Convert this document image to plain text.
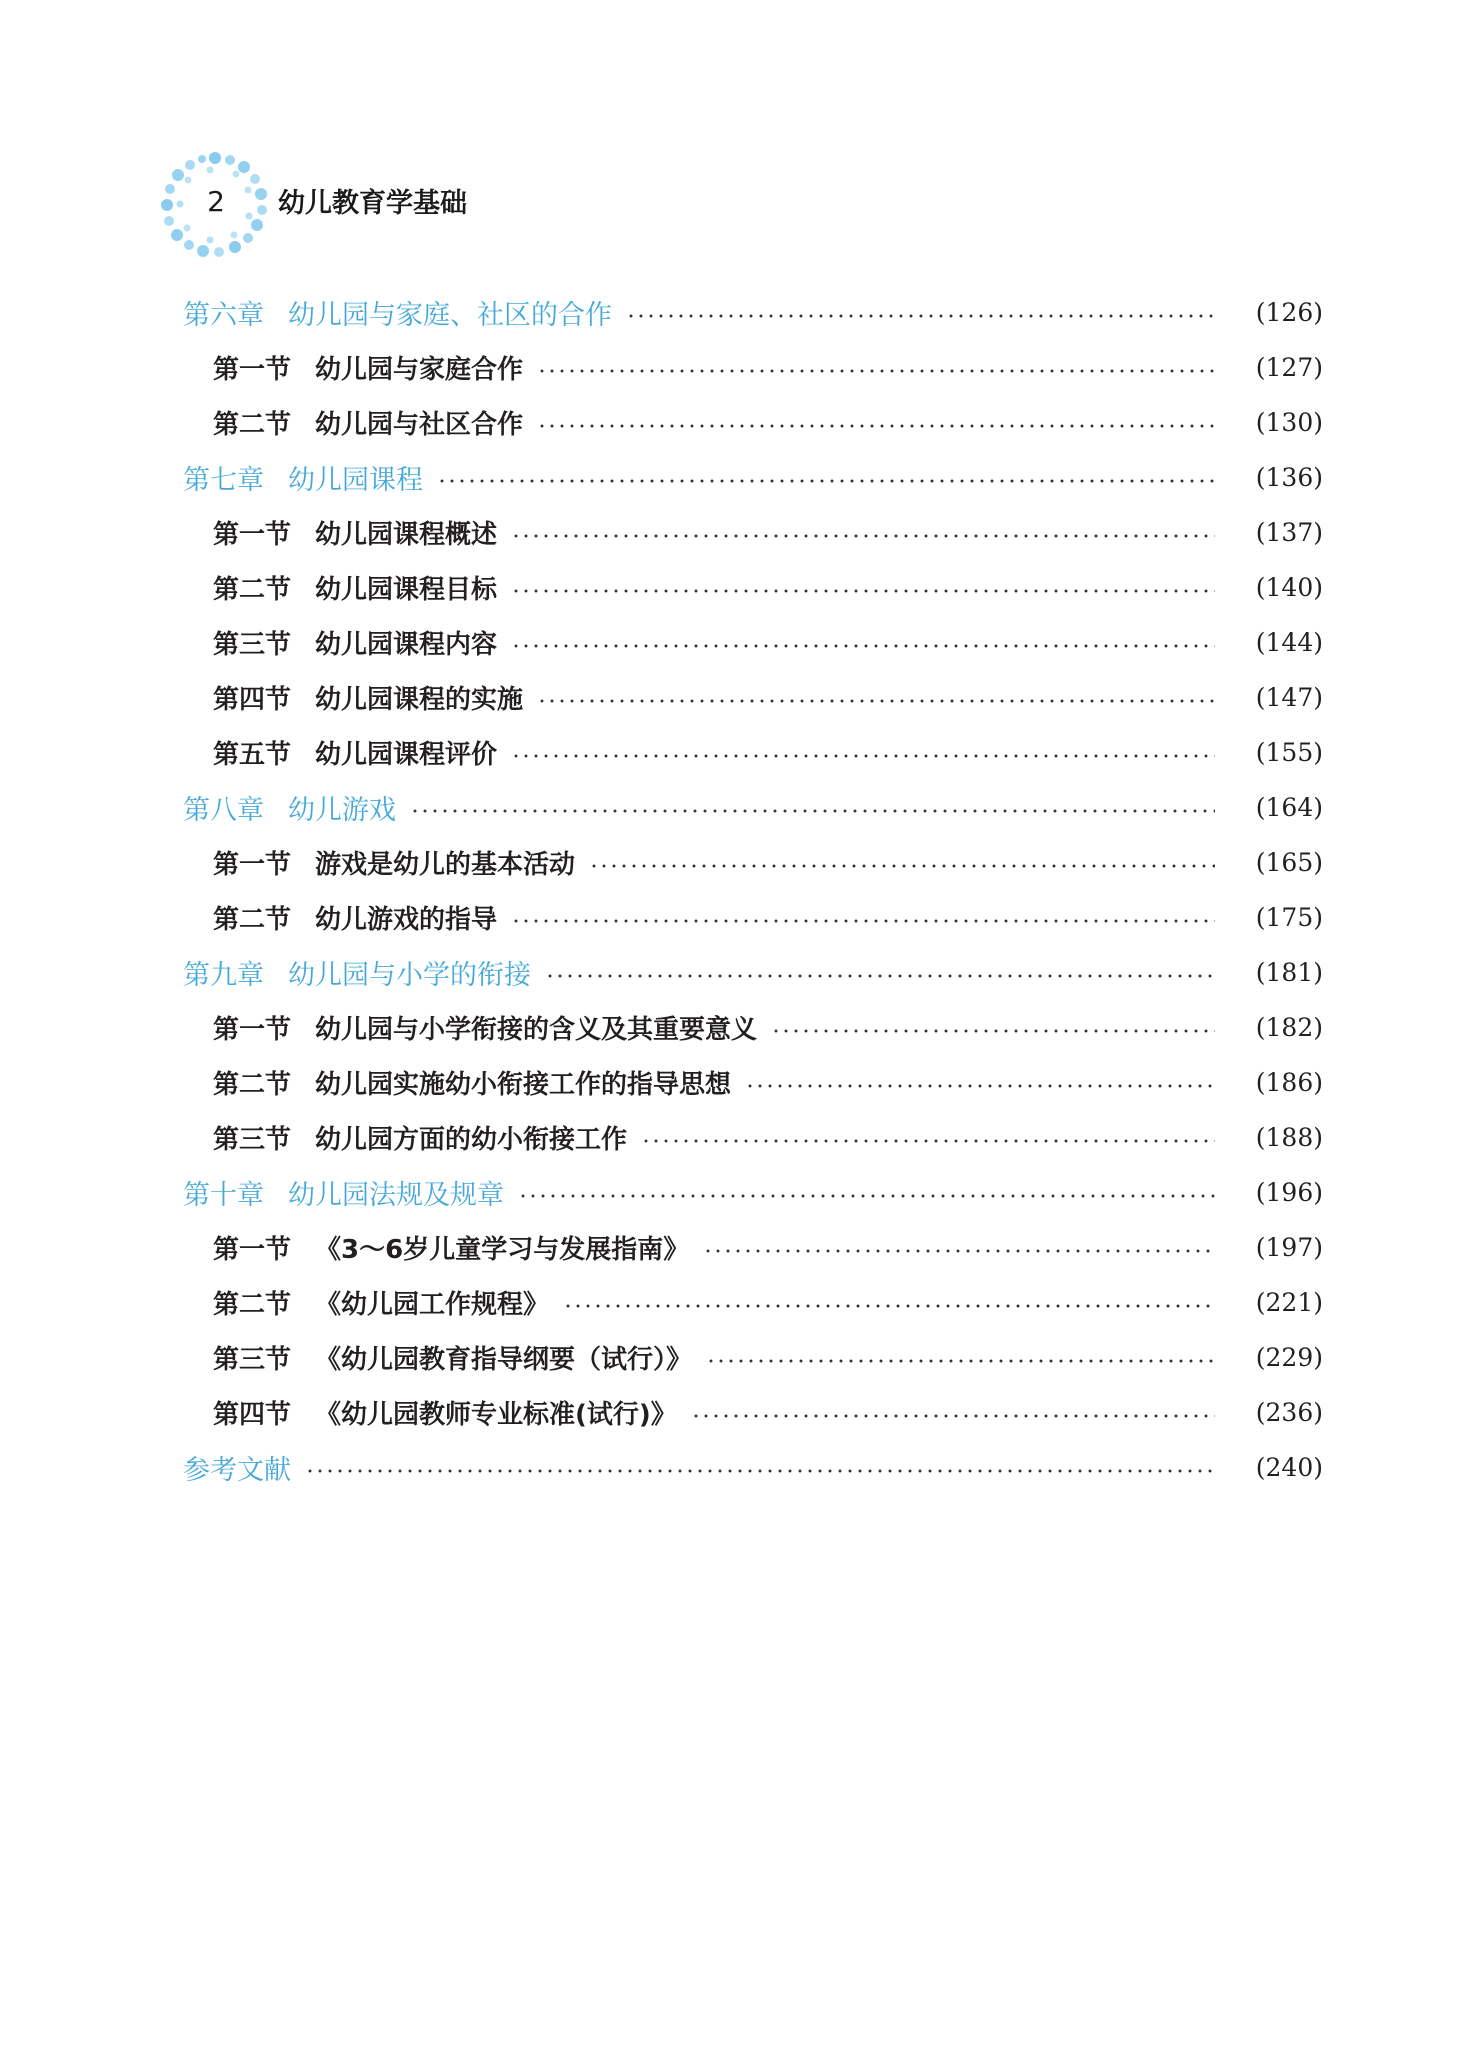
2	幼儿教育学基础
第六章 幼儿园与家庭、社区的合作	(126)
第一节 幼儿园与家庭合作	(127)
第二节 幼儿园与社区合作	(130)
第七章 幼儿园课程	(136)
第一节 幼儿园课程概述	(137)
第二节 幼儿园课程目标	(140)
第三节 幼儿园课程内容	(144)
第四节 幼儿园课程的实施	(147)
第五节 幼儿园课程评价	(155)
第八章 幼儿游戏	(164)
第一节 游戏是幼儿的基本活动	(165)
第二节 幼儿游戏的指导	(175)
第九章 幼儿园与小学的衔接	(181)
第一节 幼儿园与小学衔接的含义及其重要意义	(182)
第二节 幼儿园实施幼小衔接工作的指导思想	(186)
第三节 幼儿园方面的幼小衔接工作	(188)
第十章 幼儿园法规及规章	(196)
第一节 《3～6岁儿童学习与发展指南》	(197)
第二节 《幼儿园工作规程》	(221)
第三节 《幼儿园教育指导纲要（试行）》	(229)
第四节 《幼儿园教师专业标准(试行)》	(236)
参考文献	(240)
